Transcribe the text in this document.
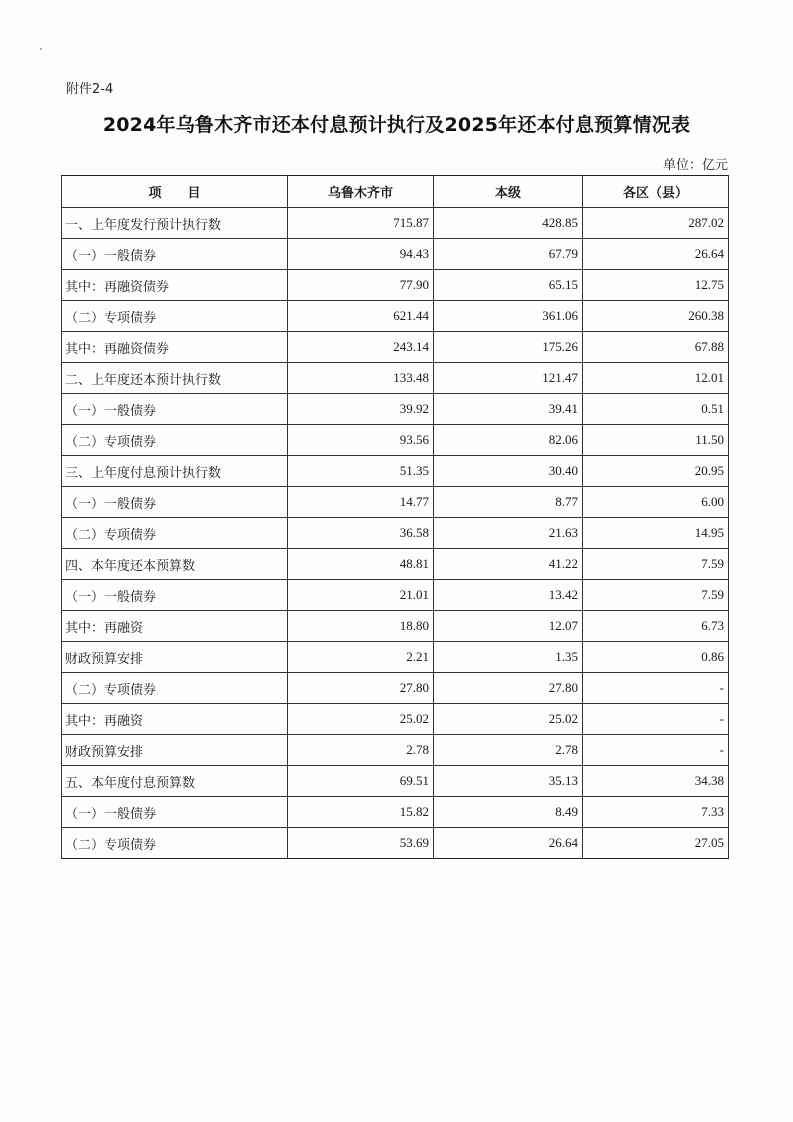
附件2-4
2024年乌鲁木齐市还本付息预计执行及2025年还本付息预算情况表
单位：亿元
项　　目	乌鲁木齐市	本级	各区（县）
一、上年度发行预计执行数	715.87	428.85	287.02
（一）一般债券	94.43	67.79	26.64
其中：再融资债券	77.90	65.15	12.75
（二）专项债券	621.44	361.06	260.38
其中：再融资债券	243.14	175.26	67.88
二、上年度还本预计执行数	133.48	121.47	12.01
（一）一般债券	39.92	39.41	0.51
（二）专项债券	93.56	82.06	11.50
三、上年度付息预计执行数	51.35	30.40	20.95
（一）一般债券	14.77	8.77	6.00
（二）专项债券	36.58	21.63	14.95
四、本年度还本预算数	48.81	41.22	7.59
（一）一般债券	21.01	13.42	7.59
其中：再融资	18.80	12.07	6.73
财政预算安排	2.21	1.35	0.86
（二）专项债券	27.80	27.80	-
其中：再融资	25.02	25.02	-
财政预算安排	2.78	2.78	-
五、本年度付息预算数	69.51	35.13	34.38
（一）一般债券	15.82	8.49	7.33
（二）专项债券	53.69	26.64	27.05
